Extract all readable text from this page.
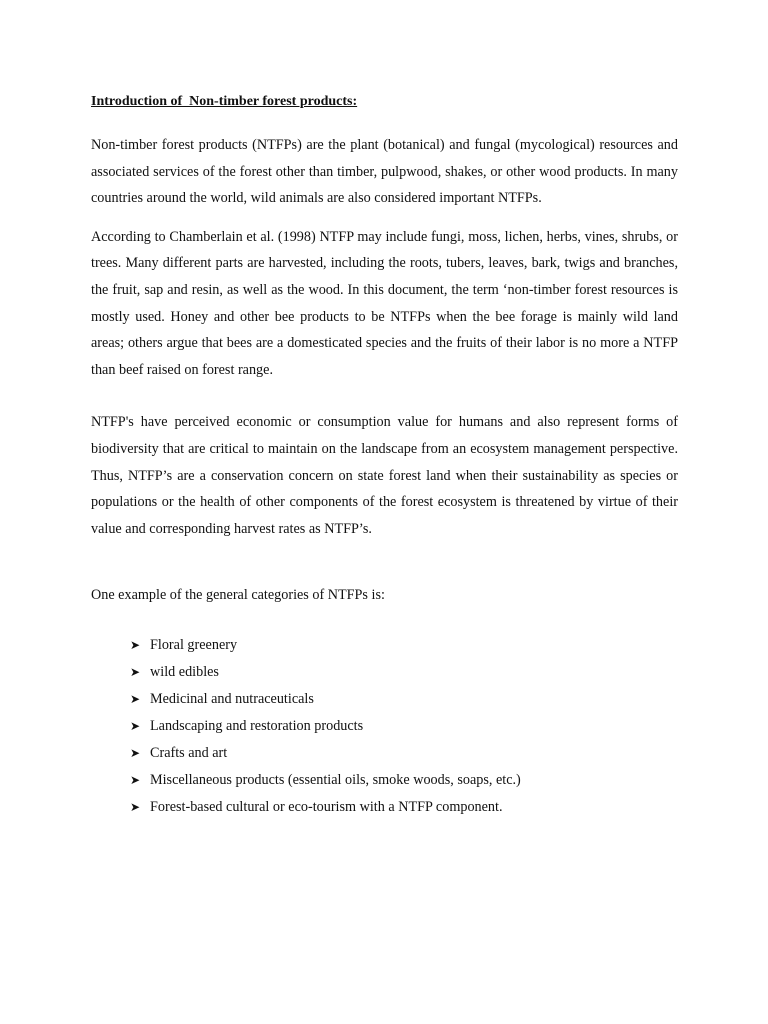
Introduction of  Non-timber forest products:

Non-timber forest products (NTFPs) are the plant (botanical) and fungal (mycological) resources and associated services of the forest other than timber, pulpwood, shakes, or other wood products. In many countries around the world, wild animals are also considered important NTFPs.

According to Chamberlain et al. (1998) NTFP may include fungi, moss, lichen, herbs, vines, shrubs, or trees. Many different parts are harvested, including the roots, tubers, leaves, bark, twigs and branches, the fruit, sap and resin, as well as the wood. In this document, the term ‘non-timber forest resources is mostly used. Honey and other bee products to be NTFPs when the bee forage is mainly wild land areas; others argue that bees are a domesticated species and the fruits of their labor is no more a NTFP than beef raised on forest range.

NTFP's have perceived economic or consumption value for humans and also represent forms of biodiversity that are critical to maintain on the landscape from an ecosystem management perspective. Thus, NTFP’s are a conservation concern on state forest land when their sustainability as species or populations or the health of other components of the forest ecosystem is threatened by virtue of their value and corresponding harvest rates as NTFP’s.

One example of the general categories of NTFPs is:

➤ Floral greenery
➤ wild edibles
➤ Medicinal and nutraceuticals
➤ Landscaping and restoration products
➤ Crafts and art
➤ Miscellaneous products (essential oils, smoke woods, soaps, etc.)
➤ Forest-based cultural or eco-tourism with a NTFP component.
